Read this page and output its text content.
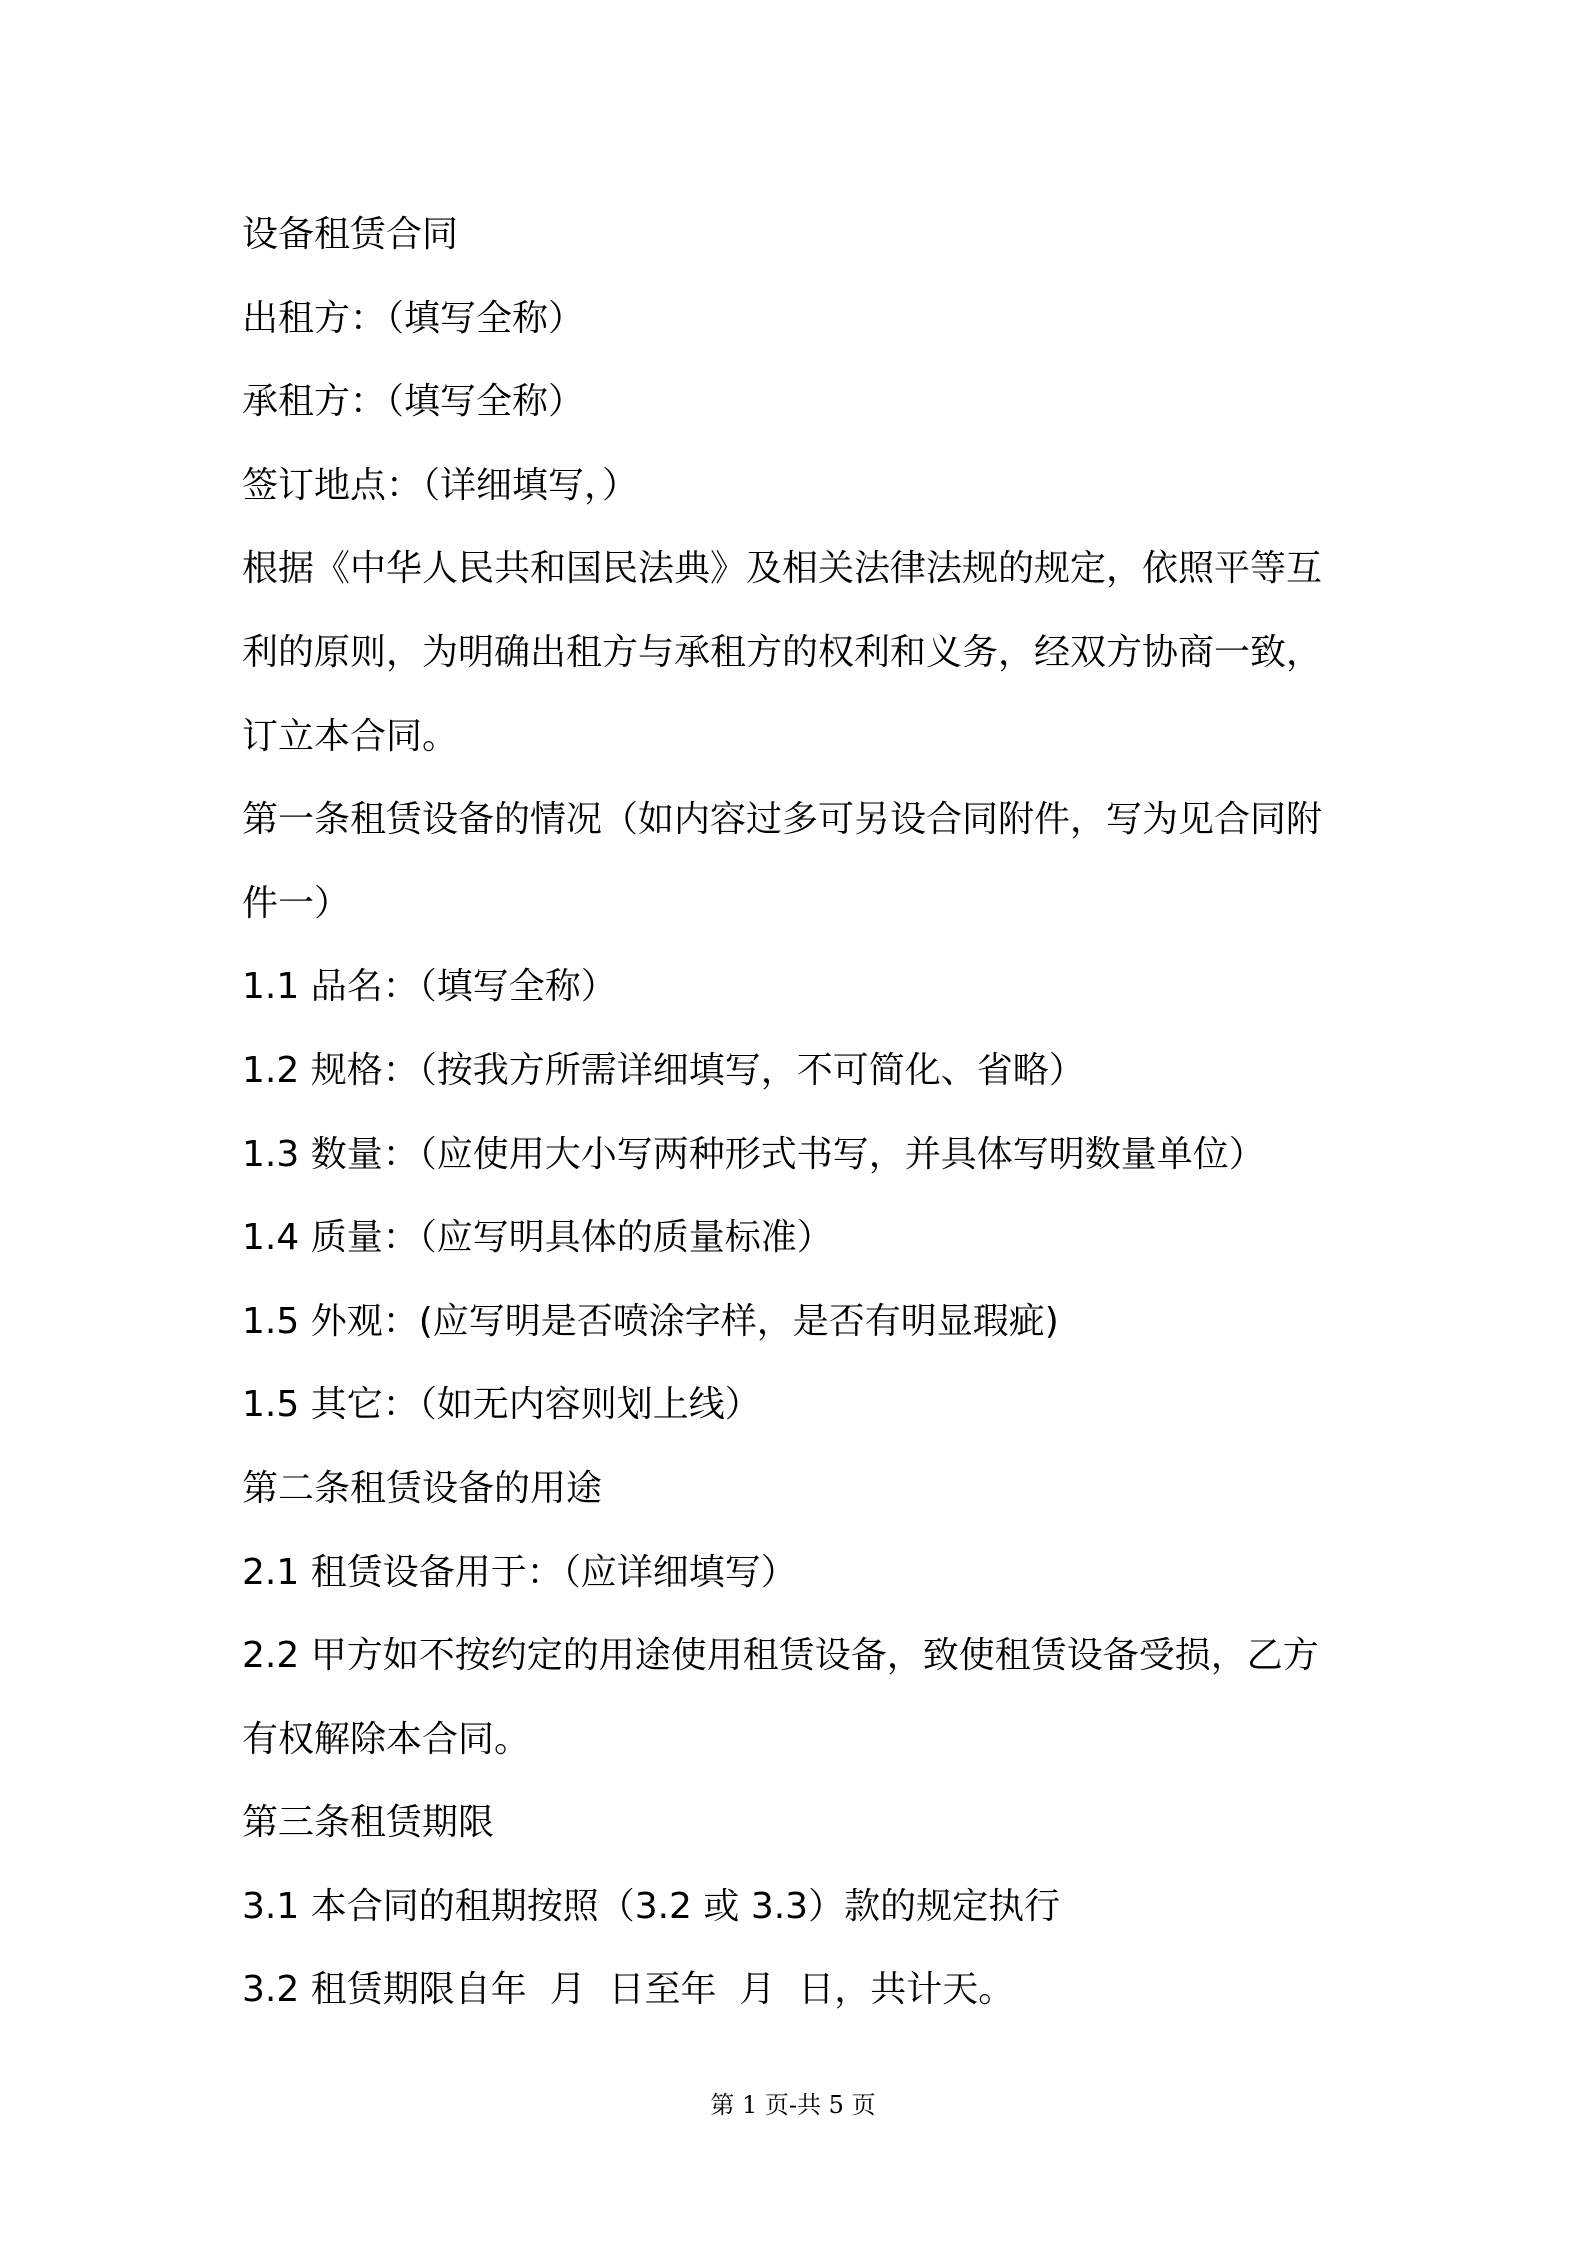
设备租赁合同
出租方：（填写全称）
承租方：（填写全称）
签订地点：（详细填写，）
根据《中华人民共和国民法典》及相关法律法规的规定，依照平等互
利的原则，为明确出租方与承租方的权利和义务，经双方协商一致，
订立本合同。
第一条租赁设备的情况（如内容过多可另设合同附件，写为见合同附
件一）
1.1 品名：（填写全称）
1.2 规格：（按我方所需详细填写，不可简化、省略）
1.3 数量：（应使用大小写两种形式书写，并具体写明数量单位）
1.4 质量：（应写明具体的质量标准）
1.5 外观：(应写明是否喷涂字样，是否有明显瑕疵)
1.5 其它：（如无内容则划上线）
第二条租赁设备的用途
2.1 租赁设备用于：（应详细填写）
2.2 甲方如不按约定的用途使用租赁设备，致使租赁设备受损，乙方
有权解除本合同。
第三条租赁期限
3.1 本合同的租期按照（3.2 或 3.3）款的规定执行
3.2 租赁期限自年  月  日至年  月  日，共计天。
第 1 页-共 5 页
